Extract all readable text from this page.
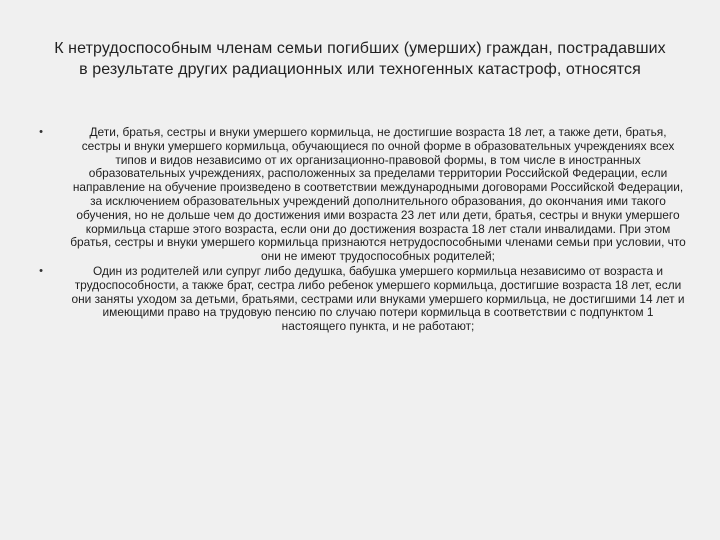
К нетрудоспособным членам семьи погибших (умерших) граждан, пострадавших
в результате других радиационных или техногенных катастроф, относятся
•	Дети, братья, сестры и внуки умершего кормильца, не достигшие возраста 18 лет, а также дети, братья, сестры и внуки умершего кормильца, обучающиеся по очной форме в образовательных учреждениях всех типов и видов независимо от их организационно-правовой формы, в том числе в иностранных образовательных учреждениях, расположенных за пределами территории Российской Федерации, если направление на обучение произведено в соответствии международными договорами Российской Федерации, за исключением образовательных учреждений дополнительного образования, до окончания ими такого обучения, но не дольше чем до достижения ими возраста 23 лет или дети, братья, сестры и внуки умершего кормильца старше этого возраста, если они до достижения возраста 18 лет стали инвалидами. При этом братья, сестры и внуки умершего кормильца признаются нетрудоспособными членами семьи при условии, что они не имеют трудоспособных родителей;
•	Один из родителей или супруг либо дедушка, бабушка умершего кормильца независимо от возраста и трудоспособности, а также брат, сестра либо ребенок умершего кормильца, достигшие возраста 18 лет, если они заняты уходом за детьми, братьями, сестрами или внуками умершего кормильца, не достигшими 14 лет и имеющими право на трудовую пенсию по случаю потери кормильца в соответствии с подпунктом 1 настоящего пункта, и не работают;
